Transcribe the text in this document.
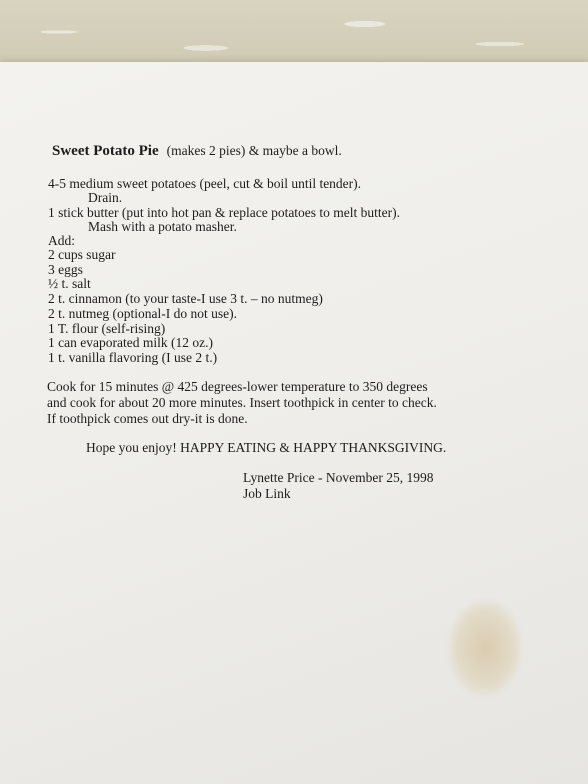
Sweet Potato Pie (makes 2 pies) & maybe a bowl.
4-5 medium sweet potatoes (peel, cut & boil until tender).
Drain.
1 stick butter (put into hot pan & replace potatoes to melt butter).
Mash with a potato masher.
Add:
2 cups sugar
3 eggs
½ t. salt
2 t. cinnamon (to your taste-I use 3 t. – no nutmeg)
2 t. nutmeg (optional-I do not use).
1 T. flour (self-rising)
1 can evaporated milk (12 oz.)
1 t. vanilla flavoring (I use 2 t.)
Cook for 15 minutes @ 425 degrees-lower temperature to 350 degrees
and cook for about 20 more minutes. Insert toothpick in center to check.
If toothpick comes out dry-it is done.
Hope you enjoy! HAPPY EATING & HAPPY THANKSGIVING.
Lynette Price - November 25, 1998
Job Link
